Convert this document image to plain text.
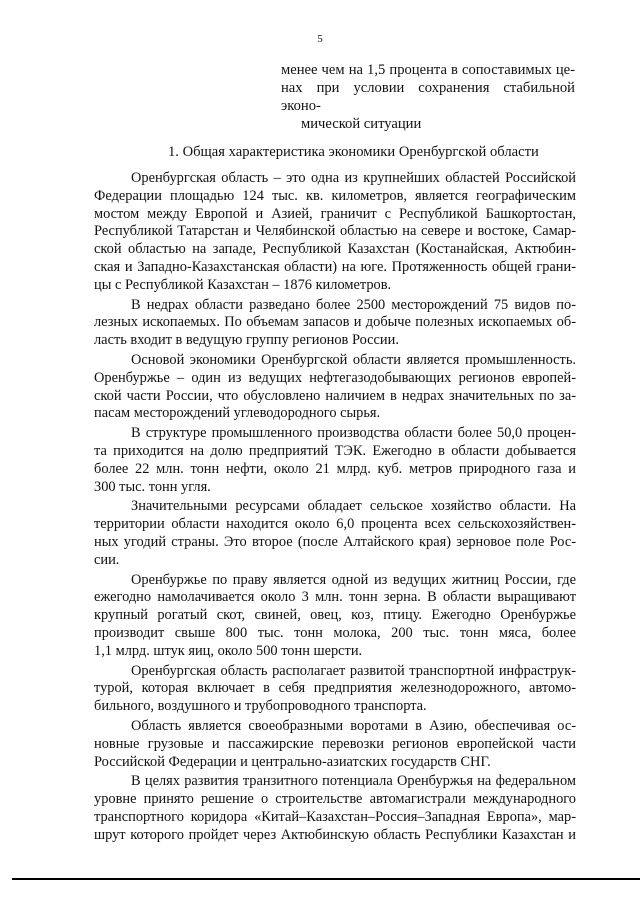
5
менее чем на 1,5 процента в сопоставимых це-
нах при условии сохранения стабильной эконо-
мической ситуации
1. Общая характеристика экономики Оренбургской области
Оренбургская область – это одна из крупнейших областей Российской
Федерации площадью 124 тыс. кв. километров, является географическим
мостом между Европой и Азией, граничит с Республикой Башкортостан,
Республикой Татарстан и Челябинской областью на севере и востоке, Самар-
ской областью на западе, Республикой Казахстан (Костанайская, Актюбин-
ская и Западно-Казахстанская области) на юге. Протяженность общей грани-
цы с Республикой Казахстан – 1876 километров.
В недрах области разведано более 2500 месторождений 75 видов по-
лезных ископаемых. По объемам запасов и добыче полезных ископаемых об-
ласть входит в ведущую группу регионов России.
Основой экономики Оренбургской области является промышленность.
Оренбуржье – один из ведущих нефтегазодобывающих регионов европей-
ской части России, что обусловлено наличием в недрах значительных по за-
пасам месторождений углеводородного сырья.
В структуре промышленного производства области более 50,0 процен-
та приходится на долю предприятий ТЭК. Ежегодно в области добывается
более 22 млн. тонн нефти, около 21 млрд. куб. метров природного газа и
300 тыс. тонн угля.
Значительными ресурсами обладает сельское хозяйство области. На
территории области находится около 6,0 процента всех сельскохозяйствен-
ных угодий страны. Это второе (после Алтайского края) зерновое поле Рос-
сии.
Оренбуржье по праву является одной из ведущих житниц России, где
ежегодно намолачивается около 3 млн. тонн зерна. В области выращивают
крупный рогатый скот, свиней, овец, коз, птицу. Ежегодно Оренбуржье
производит свыше 800 тыс. тонн молока, 200 тыс. тонн мяса, более
1,1 млрд. штук яиц, около 500 тонн шерсти.
Оренбургская область располагает развитой транспортной инфраструк-
турой, которая включает в себя предприятия железнодорожного, автомо-
бильного, воздушного и трубопроводного транспорта.
Область является своеобразными воротами в Азию, обеспечивая ос-
новные грузовые и пассажирские перевозки регионов европейской части
Российской Федерации и центрально-азиатских государств СНГ.
В целях развития транзитного потенциала Оренбуржья на федеральном
уровне принято решение о строительстве автомагистрали международного
транспортного коридора «Китай–Казахстан–Россия–Западная Европа», мар-
шрут которого пройдет через Актюбинскую область Республики Казахстан и
